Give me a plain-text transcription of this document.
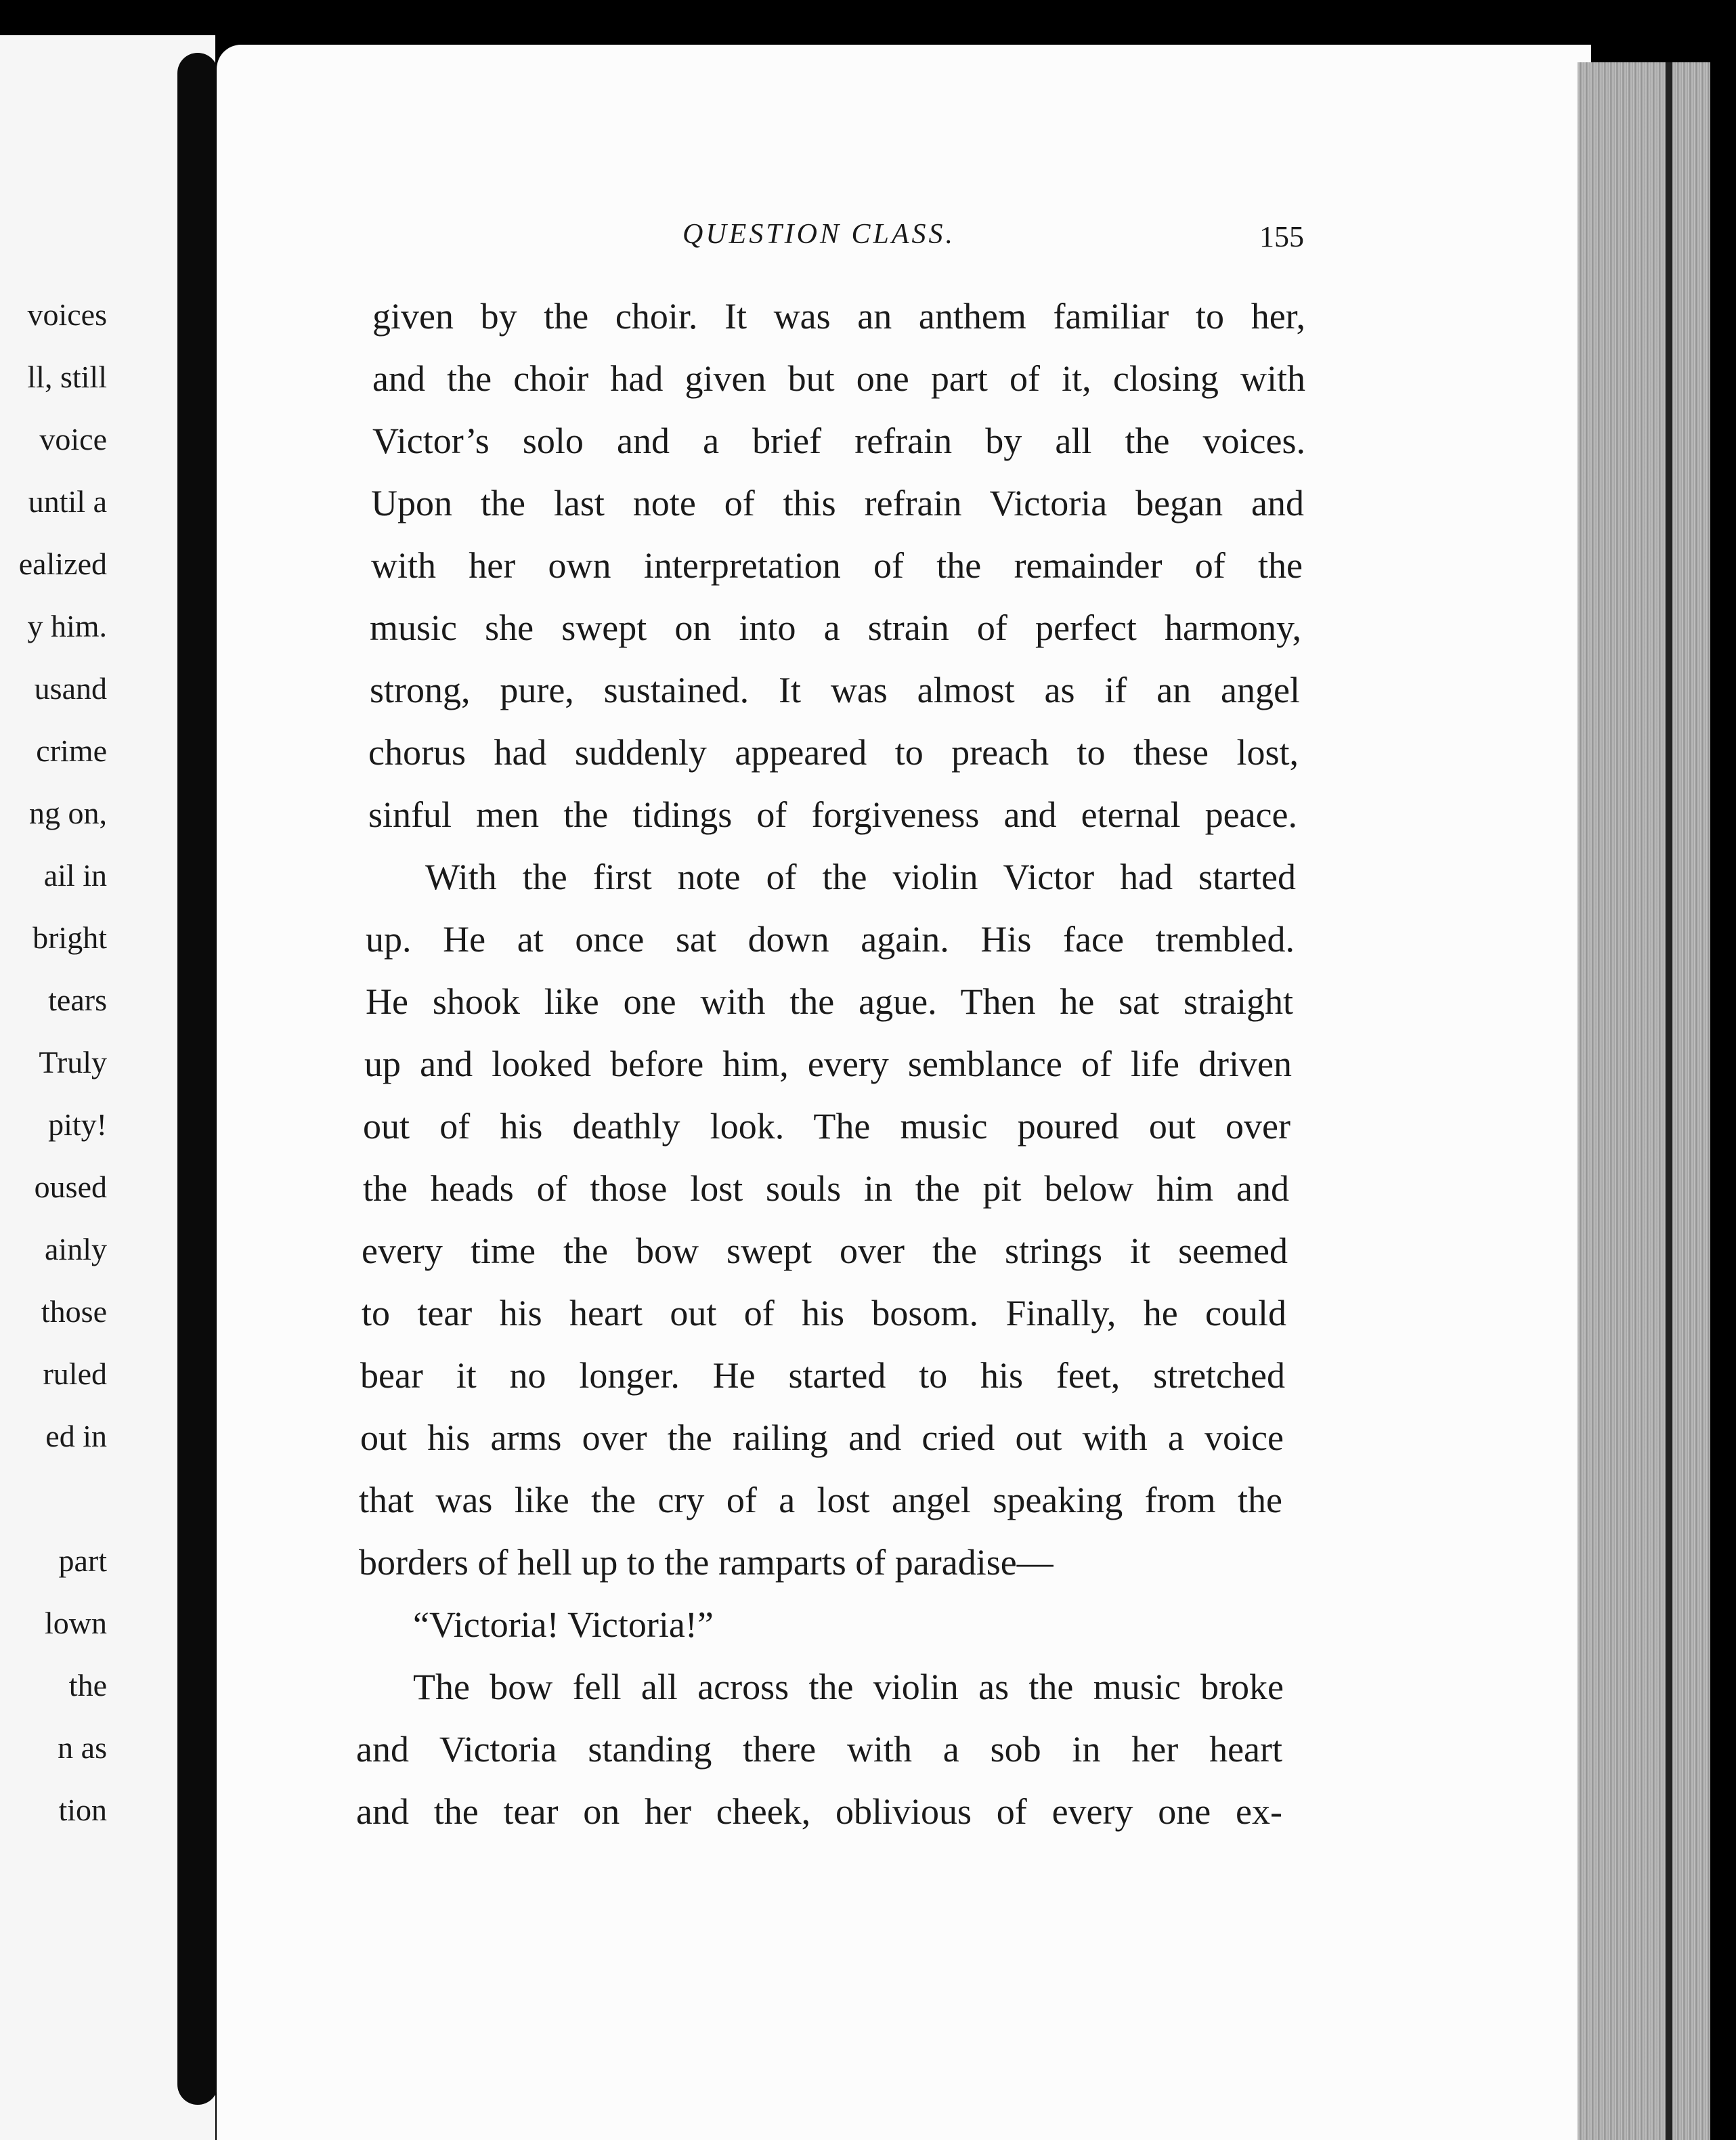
voices
ll, still
voice
until a
ealized
y him.
usand
crime
ng on,
ail in
bright
tears
Truly
pity!
oused
ainly
those
ruled
ed in
part
lown
the
n as
tion
QUESTION CLASS.	155
given by the choir. It was an anthem familiar to her,
and the choir had given but one part of it, closing with
Victor’s solo and a brief refrain by all the voices.
Upon the last note of this refrain Victoria began and
with her own interpretation of the remainder of the
music she swept on into a strain of perfect harmony,
strong, pure, sustained. It was almost as if an angel
chorus had suddenly appeared to preach to these lost,
sinful men the tidings of forgiveness and eternal peace.
With the first note of the violin Victor had started
up. He at once sat down again. His face trembled.
He shook like one with the ague. Then he sat straight
up and looked before him, every semblance of life driven
out of his deathly look. The music poured out over
the heads of those lost souls in the pit below him and
every time the bow swept over the strings it seemed
to tear his heart out of his bosom. Finally, he could
bear it no longer. He started to his feet, stretched
out his arms over the railing and cried out with a voice
that was like the cry of a lost angel speaking from the
borders of hell up to the ramparts of paradise—
“Victoria! Victoria!”
The bow fell all across the violin as the music broke
and Victoria standing there with a sob in her heart
and the tear on her cheek, oblivious of every one ex-
